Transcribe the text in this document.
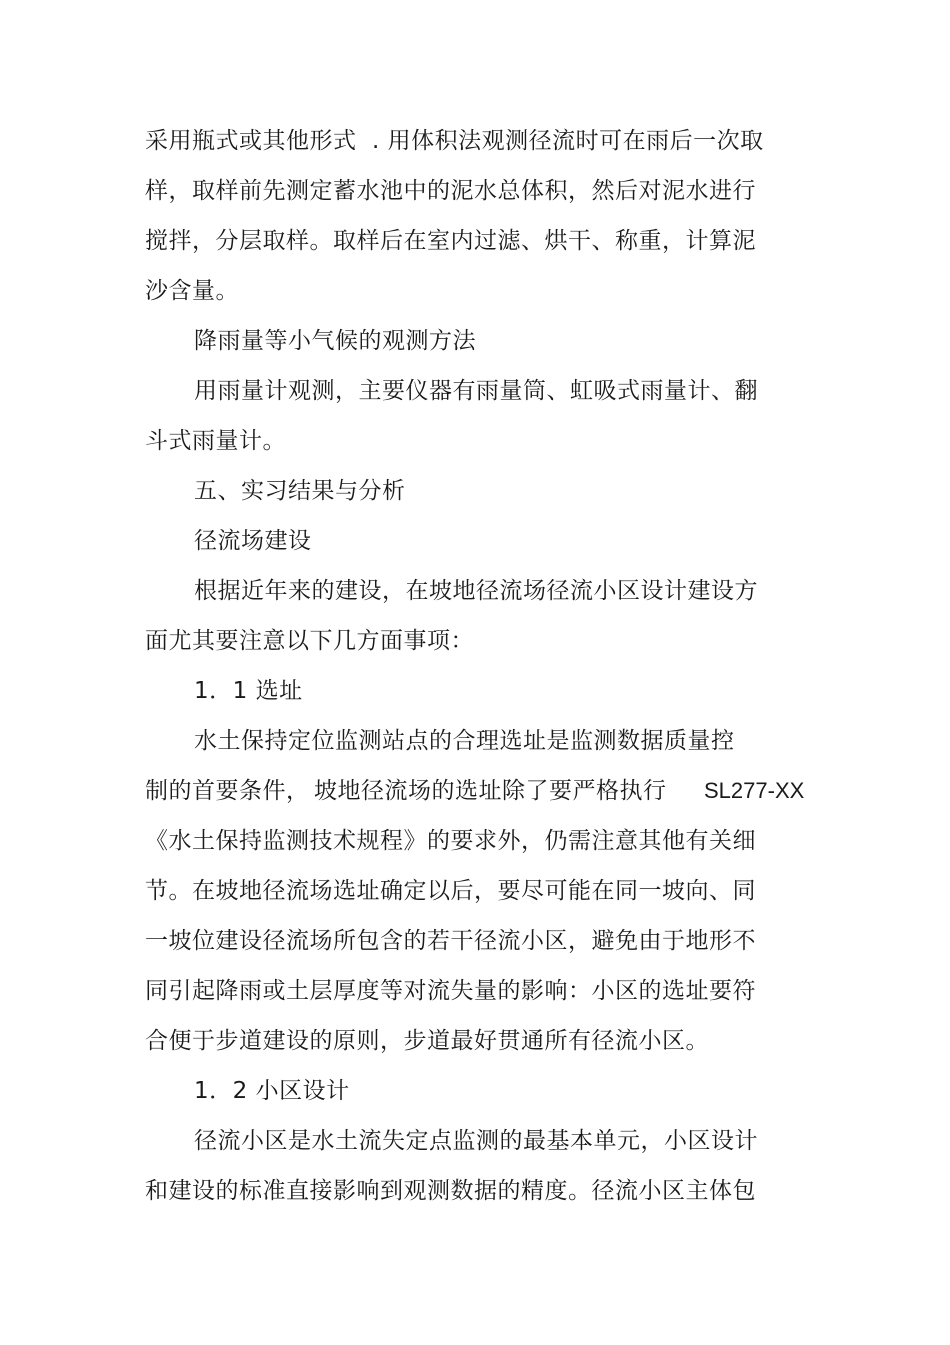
采用瓶式或其他形式 . 用体积法观测径流时可在雨后一次取
样，取样前先测定蓄水池中的泥水总体积，然后对泥水进行
搅拌，分层取样。取样后在室内过滤、烘干、称重，计算泥
沙含量。
降雨量等小气候的观测方法
用雨量计观测，主要仪器有雨量筒、虹吸式雨量计、翻
斗式雨量计。
五、实习结果与分析
径流场建设
根据近年来的建设，在坡地径流场径流小区设计建设方
面尤其要注意以下几方面事项：
1．1 选址
水土保持定位监测站点的合理选址是监测数据质量控
制的首要条件， 坡地径流场的选址除了要严格执行 SL277-XX
《水土保持监测技术规程》的要求外，仍需注意其他有关细
节。在坡地径流场选址确定以后，要尽可能在同一坡向、同
一坡位建设径流场所包含的若干径流小区，避免由于地形不
同引起降雨或土层厚度等对流失量的影响：小区的选址要符
合便于步道建设的原则，步道最好贯通所有径流小区。
1．2 小区设计
径流小区是水土流失定点监测的最基本单元，小区设计
和建设的标准直接影响到观测数据的精度。径流小区主体包
